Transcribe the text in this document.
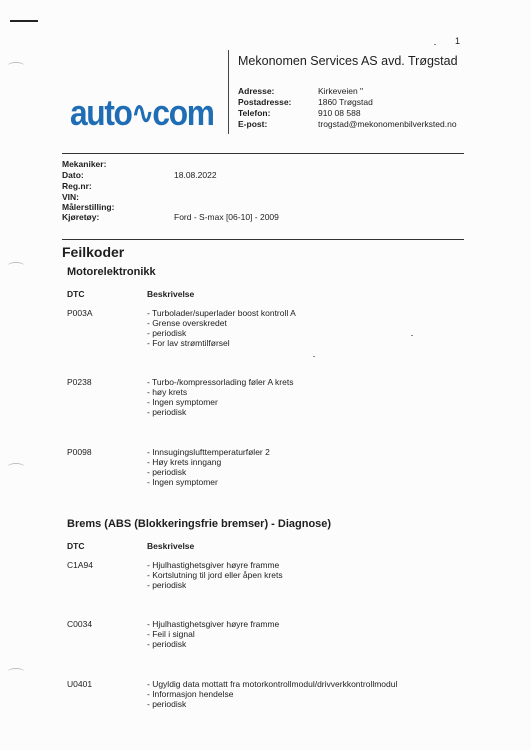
1
auto∿com
Mekonomen Services AS avd. Trøgstad
Adresse:	Kirkeveien "
Postadresse:	1860 Trøgstad
Telefon:	910 08 588
E-post:	trogstad@mekonomenbilverksted.no
Mekaniker:
Dato:	18.08.2022
Reg.nr:
VIN:
Målerstilling:
Kjøretøy:	Ford - S-max [06-10] - 2009
Feilkoder
Motorelektronikk
DTC	Beskrivelse
P003A	- Turbolader/superlader boost kontroll A
- Grense overskredet
- periodisk
- For lav strømtilførsel
P0238	- Turbo-/kompressorlading føler A krets
- høy krets
- Ingen symptomer
- periodisk
P0098	- Innsugingslufttemperaturføler 2
- Høy krets inngang
- periodisk
- Ingen symptomer
Brems (ABS (Blokkeringsfrie bremser) - Diagnose)
DTC	Beskrivelse
C1A94	- Hjulhastighetsgiver høyre framme
- Kortslutning til jord eller åpen krets
- periodisk
C0034	- Hjulhastighetsgiver høyre framme
- Feil i signal
- periodisk
U0401	- Ugyldig data mottatt fra motorkontrollmodul/drivverkkontrollmodul
- Informasjon hendelse
- periodisk
